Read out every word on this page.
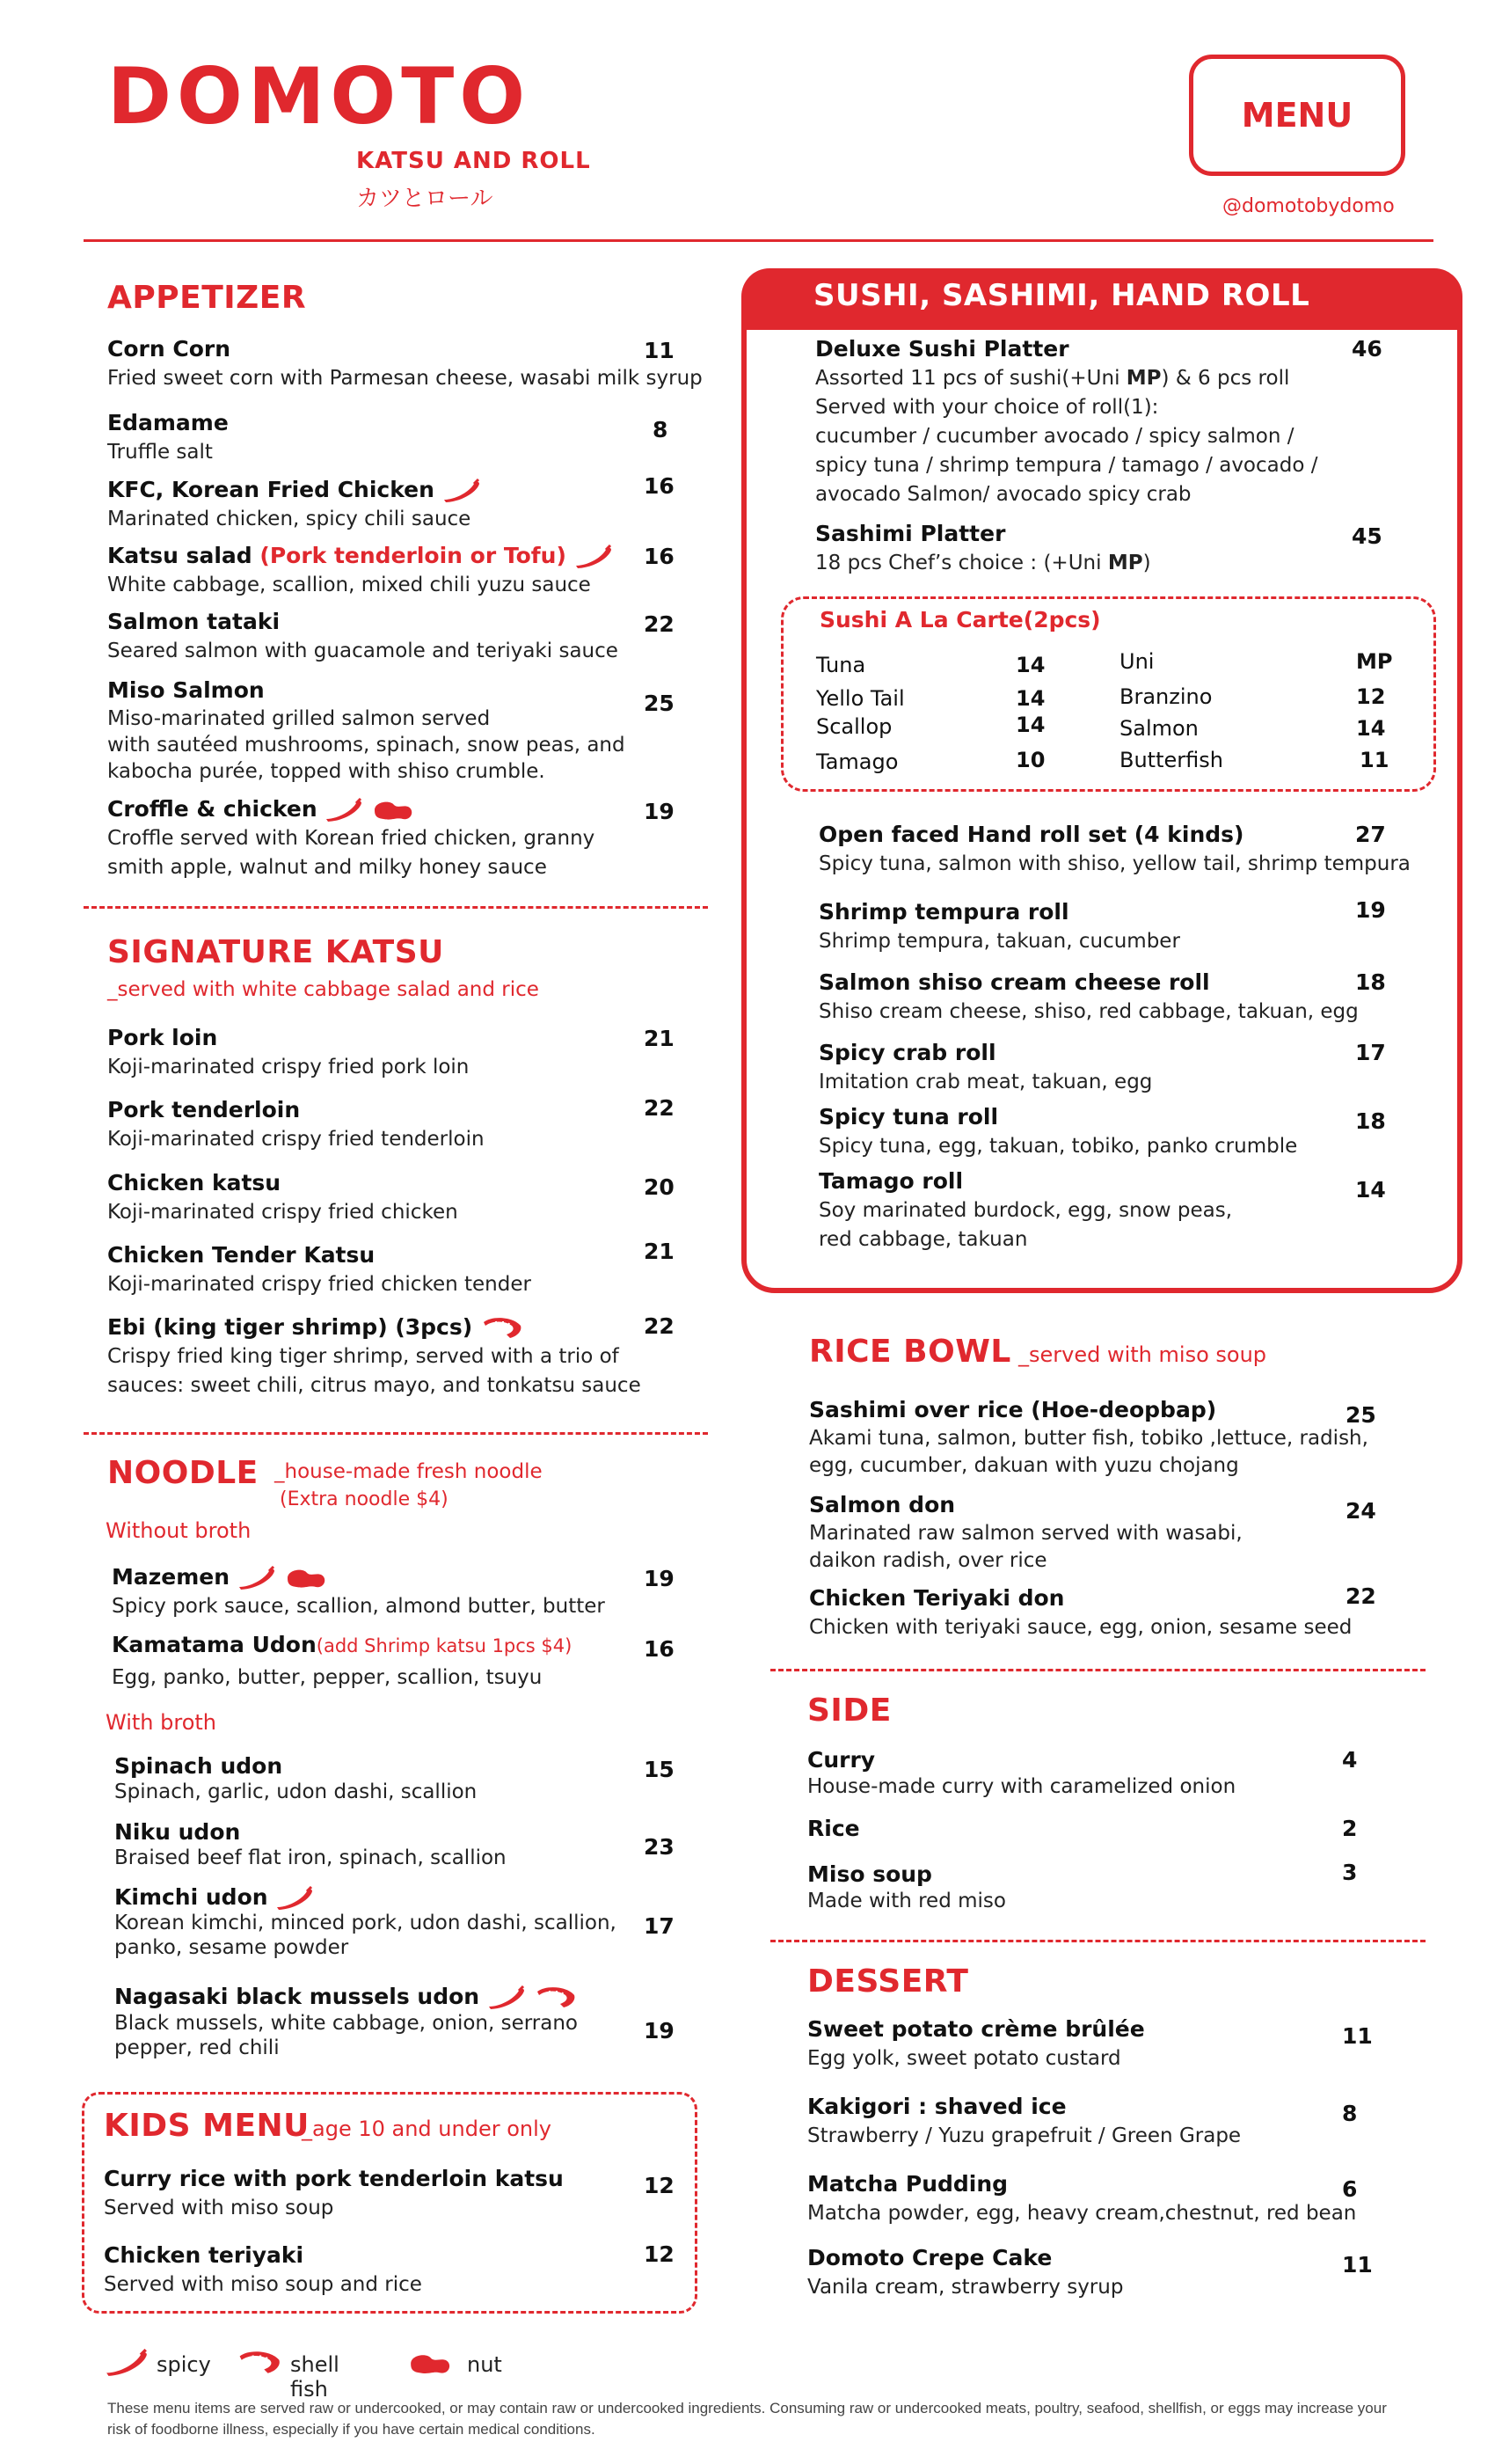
DOMOTO
KATSU AND ROLL
カツとロール
MENU
@domotobydomo
APPETIZER
Corn Corn
Fried sweet corn with Parmesan cheese, wasabi milk syrup
11
Edamame
Truffle salt
8
KFC, Korean Fried Chicken
Marinated chicken, spicy chili sauce
16
Katsu salad (Pork tenderloin or Tofu)
White cabbage, scallion, mixed chili yuzu sauce
16
Salmon tataki
Seared salmon with guacamole and teriyaki sauce
22
Miso Salmon
Miso-marinated grilled salmon served
with sautéed mushrooms, spinach, snow peas, and
kabocha purée, topped with shiso crumble.
25
Croffle & chicken
Croffle served with Korean fried chicken, granny
smith apple, walnut and milky honey sauce
19
SIGNATURE KATSU
_served with white cabbage salad and rice
Pork loin
Koji-marinated crispy fried pork loin
21
Pork tenderloin
Koji-marinated crispy fried tenderloin
22
Chicken katsu
Koji-marinated crispy fried chicken
20
Chicken Tender Katsu
Koji-marinated crispy fried chicken tender
21
Ebi (king tiger shrimp) (3pcs)
Crispy fried king tiger shrimp, served with a trio of
sauces: sweet chili, citrus mayo, and tonkatsu sauce
22
NOODLE _house-made fresh noodle
(Extra noodle $4)
Without broth
Mazemen
Spicy pork sauce, scallion, almond butter, butter
19
Kamatama Udon(add Shrimp katsu 1pcs $4)
Egg, panko, butter, pepper, scallion, tsuyu
16
With broth
Spinach udon
Spinach, garlic, udon dashi, scallion
15
Niku udon
Braised beef flat iron, spinach, scallion	23
Kimchi udon
Korean kimchi, minced pork, udon dashi, scallion,
panko, sesame powder
17
Nagasaki black mussels udon
Black mussels, white cabbage, onion, serrano
pepper, red chili
19
KIDS MENU
_age 10 and under only
Curry rice with pork tenderloin katsu
Served with miso soup
12
Chicken teriyaki
Served with miso soup and rice
12
SUSHI, SASHIMI, HAND ROLL
Deluxe Sushi Platter
Assorted 11 pcs of sushi(+Uni MP) & 6 pcs roll
Served with your choice of roll(1):
cucumber / cucumber avocado / spicy salmon /
spicy tuna / shrimp tempura / tamago / avocado /
avocado Salmon/ avocado spicy crab
46
Sashimi Platter
18 pcs Chef’s choice : (+Uni MP)
45
Sushi A La Carte(2pcs)
Tuna	14
Yello Tail	14
Scallop	14
Tamago	10
Uni	MP
Branzino	12
Salmon	14
Butterfish	11
Open faced Hand roll set (4 kinds)
Spicy tuna, salmon with shiso, yellow tail, shrimp tempura
27
Shrimp tempura roll
Shrimp tempura, takuan, cucumber
19
Salmon shiso cream cheese roll
Shiso cream cheese, shiso, red cabbage, takuan, egg
18
Spicy crab roll
Imitation crab meat, takuan, egg
17
Spicy tuna roll
Spicy tuna, egg, takuan, tobiko, panko crumble
18
Tamago roll
Soy marinated burdock, egg, snow peas,
red cabbage, takuan
14
RICE BOWL _served with miso soup
Sashimi over rice (Hoe-deopbap)
Akami tuna, salmon, butter fish, tobiko ,lettuce, radish,
egg, cucumber, dakuan with yuzu chojang
25
Salmon don
Marinated raw salmon served with wasabi,
daikon radish, over rice
24
Chicken Teriyaki don
Chicken with teriyaki sauce, egg, onion, sesame seed
22
SIDE
Curry
House-made curry with caramelized onion
4
Rice	2
Miso soup
Made with red miso
3
DESSERT
Sweet potato crème brûlée
Egg yolk, sweet potato custard
11
Kakigori : shaved ice
Strawberry / Yuzu grapefruit / Green Grape
8
Matcha Pudding
Matcha powder, egg, heavy cream,chestnut, red bean
6
Domoto Crepe Cake
Vanila cream, strawberry syrup
11
spicy	shell fish
nut
These menu items are served raw or undercooked, or may contain raw or undercooked ingredients. Consuming raw or undercooked meats, poultry, seafood, shellfish, or eggs may increase your risk of foodborne illness, especially if you have certain medical conditions.
